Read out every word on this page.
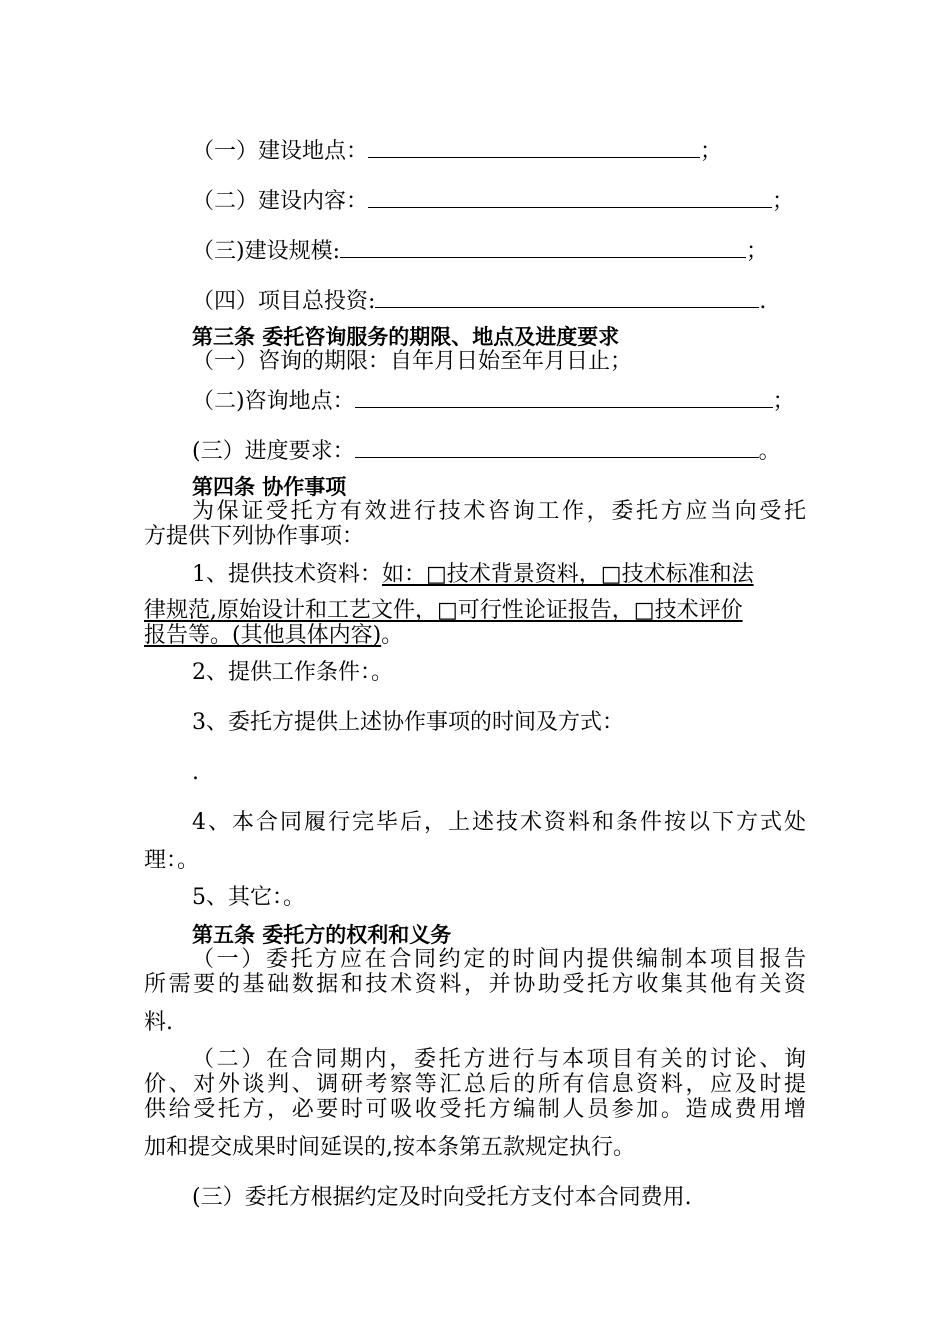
（一）建设地点：	；
（二）建设内容：	；
（三)建设规模:	；
（四）项目总投资:	.
第三条 委托咨询服务的期限、地点及进度要求
（一）咨询的期限：自年月日始至年月日止；
（二)咨询地点：	；
(三）进度要求：	。
第四条 协作事项
为保证受托方有效进行技术咨询工作，委托方应当向受托
方提供下列协作事项：
1、提供技术资料：如：□技术背景资料，□技术标准和法
律规范,原始设计和工艺文件，□可行性论证报告，□技术评价
报告等。(其他具体内容)。
2、提供工作条件：。
3、委托方提供上述协作事项的时间及方式：
.
4、本合同履行完毕后，上述技术资料和条件按以下方式处
理：。
5、其它：。
第五条 委托方的权利和义务
（一）委托方应在合同约定的时间内提供编制本项目报告
所需要的基础数据和技术资料，并协助受托方收集其他有关资
料.
（二）在合同期内，委托方进行与本项目有关的讨论、询
价、对外谈判、调研考察等汇总后的所有信息资料，应及时提
供给受托方，必要时可吸收受托方编制人员参加。造成费用增
加和提交成果时间延误的,按本条第五款规定执行。
(三）委托方根据约定及时向受托方支付本合同费用.
